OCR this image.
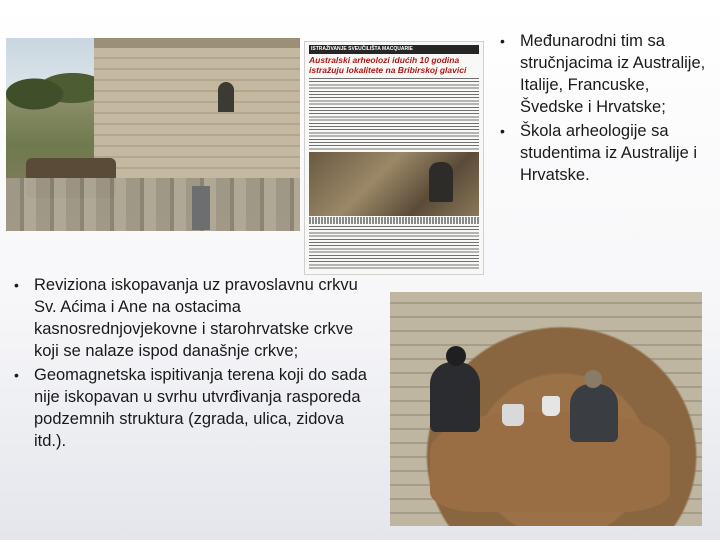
ISTRAŽIVANJE SVEUČILIŠTA MACQUARIE
Australski arheolozi idućih 10 godina istražuju lokalitete na Bribirskoj glavici
• Međunarodni tim sa stručnjacima iz Australije, Italije, Francuske, Švedske i Hrvatske;
• Škola arheologije sa studentima iz Australije i Hrvatske.
• Reviziona iskopavanja uz pravoslavnu crkvu Sv. Aćima i Ane na ostacima kasnosrednjovjekovne i starohrvatske crkve koji se nalaze ispod današnje crkve;
• Geomagnetska ispitivanja terena koji do sada nije iskopavan u svrhu utvrđivanja rasporeda podzemnih struktura (zgrada, ulica, zidova itd.).
